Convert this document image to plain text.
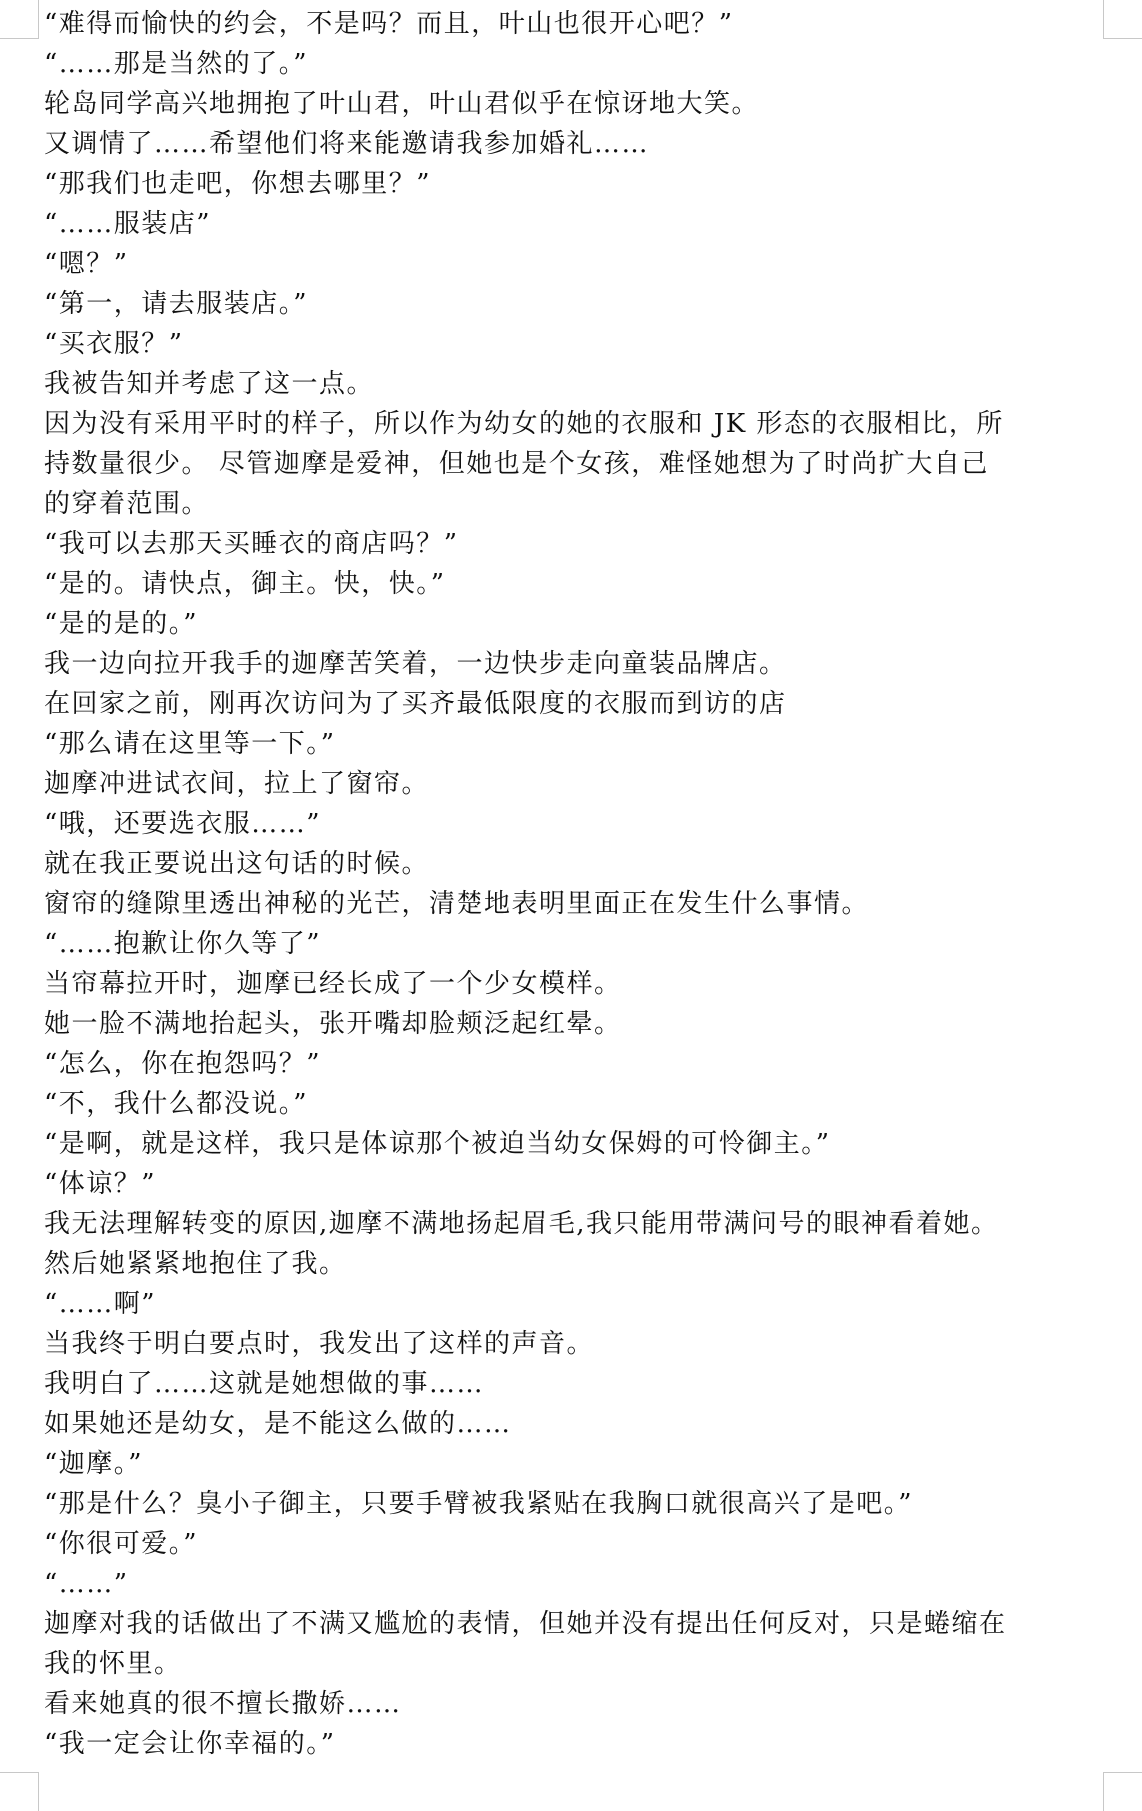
“难得而愉快的约会，不是吗？而且，叶山也很开心吧？”
“……那是当然的了。”
轮岛同学高兴地拥抱了叶山君，叶山君似乎在惊讶地大笑。
又调情了……希望他们将来能邀请我参加婚礼……
“那我们也走吧，你想去哪里？”
“……服装店”
“嗯？”
“第一，请去服装店。”
“买衣服？”
我被告知并考虑了这一点。
因为没有采用平时的样子，所以作为幼女的她的衣服和 JK 形态的衣服相比，所
持数量很少。 尽管迦摩是爱神，但她也是个女孩，难怪她想为了时尚扩大自己
的穿着范围。
“我可以去那天买睡衣的商店吗？”
“是的。请快点，御主。快，快。”
“是的是的。”
我一边向拉开我手的迦摩苦笑着，一边快步走向童装品牌店。
在回家之前，刚再次访问为了买齐最低限度的衣服而到访的店
“那么请在这里等一下。”
迦摩冲进试衣间，拉上了窗帘。
“哦，还要选衣服……”
就在我正要说出这句话的时候。
窗帘的缝隙里透出神秘的光芒，清楚地表明里面正在发生什么事情。
“……抱歉让你久等了”
当帘幕拉开时，迦摩已经长成了一个少女模样。
她一脸不满地抬起头，张开嘴却脸颊泛起红晕。
“怎么，你在抱怨吗？”
“不，我什么都没说。”
“是啊，就是这样，我只是体谅那个被迫当幼女保姆的可怜御主。”
“体谅？”
我无法理解转变的原因,迦摩不满地扬起眉毛,我只能用带满问号的眼神看着她。
然后她紧紧地抱住了我。
“……啊”
当我终于明白要点时，我发出了这样的声音。
我明白了……这就是她想做的事……
如果她还是幼女，是不能这么做的……
“迦摩。”
“那是什么？臭小子御主，只要手臂被我紧贴在我胸口就很高兴了是吧。”
“你很可爱。”
“……”
迦摩对我的话做出了不满又尴尬的表情，但她并没有提出任何反对，只是蜷缩在
我的怀里。
看来她真的很不擅长撒娇……
“我一定会让你幸福的。”
